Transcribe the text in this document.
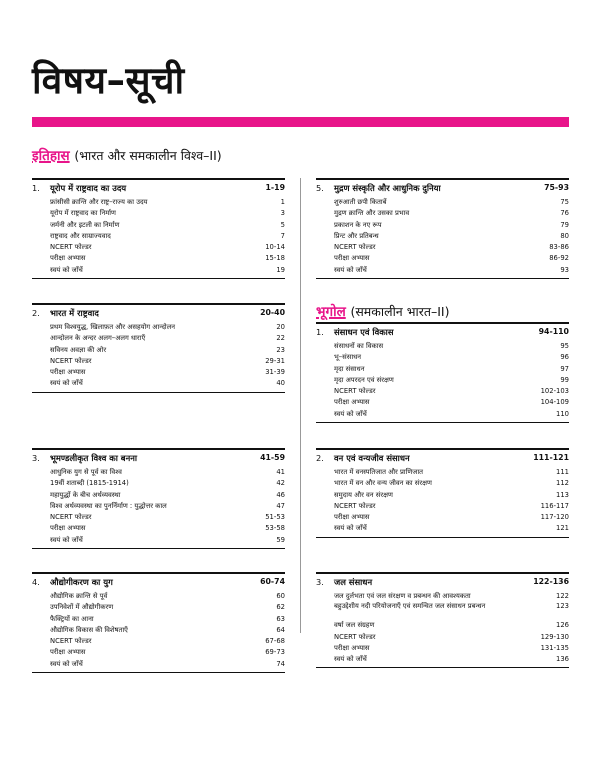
विषय–सूची
इतिहास (भारत और समकालीन विश्व–II)
भूगोल (समकालीन भारत–II)
1.	यूरोप में राष्ट्रवाद का उदय	1-19
फ्रांसीसी क्रान्ति और राष्ट्र–राज्य का उदय	1
यूरोप में राष्ट्रवाद का निर्माण	3
जर्मनी और इटली का निर्माण	5
राष्ट्रवाद और साम्राज्यवाद	7
NCERT फोल्डर	10-14
परीक्षा अभ्यास	15-18
स्वयं को जाँचें	19
2.	भारत में राष्ट्रवाद	20-40
प्रथम विश्वयुद्ध, खिलाफ़त और असहयोग आन्दोलन	20
आन्दोलन के अन्दर अलग–अलग धाराएँ	22
सविनय अवज्ञा की ओर	23
NCERT फोल्डर	29-31
परीक्षा अभ्यास	31-39
स्वयं को जाँचें	40
3.	भूमण्डलीकृत विश्व का बनना	41-59
आधुनिक युग से पूर्व का विश्व	41
19वीं शताब्दी (1815-1914)	42
महायुद्धों के बीच अर्थव्यवस्था	46
विश्व अर्थव्यवस्था का पुनर्निर्माण : युद्धोत्तर काल	47
NCERT फोल्डर	51-53
परीक्षा अभ्यास	53-58
स्वयं को जाँचें	59
4.	औद्योगीकरण का युग	60-74
औद्योगिक क्रान्ति से पूर्व	60
उपनिवेशों में औद्योगीकरण	62
फैक्ट्रियों का आना	63
औद्योगिक विकास की विशेषताएँ	64
NCERT फोल्डर	67-68
परीक्षा अभ्यास	69-73
स्वयं को जाँचें	74
5.	मुद्रण संस्कृति और आधुनिक दुनिया	75-93
शुरुआती छपी किताबें	75
मुद्रण क्रान्ति और उसका प्रभाव	76
प्रकाशन के नए रूप	79
प्रिन्ट और प्रतिबन्ध	80
NCERT फोल्डर	83-86
परीक्षा अभ्यास	86-92
स्वयं को जाँचें	93
1.	संसाधन एवं विकास	94-110
संसाधनों का विकास	95
भू–संसाधन	96
मृदा संसाधन	97
मृदा अपरदन एवं संरक्षण	99
NCERT फोल्डर	102-103
परीक्षा अभ्यास	104-109
स्वयं को जाँचें	110
2.	वन एवं वन्यजीव संसाधन	111-121
भारत में वनस्पतिजात और प्राणिजात	111
भारत में वन और वन्य जीवन का संरक्षण	112
समुदाय और वन संरक्षण	113
NCERT फोल्डर	116-117
परीक्षा अभ्यास	117-120
स्वयं को जाँचें	121
3.	जल संसाधन	122-136
जल दुर्लभता एवं जल संरक्षण व प्रबन्धन की आवश्यकता	122
बहुउद्देशीय नदी परियोजनाएँ एवं समन्वित जल संसाधन प्रबन्धन	123
वर्षा जल संग्रहण	126
NCERT फोल्डर	129-130
परीक्षा अभ्यास	131-135
स्वयं को जाँचें	136
